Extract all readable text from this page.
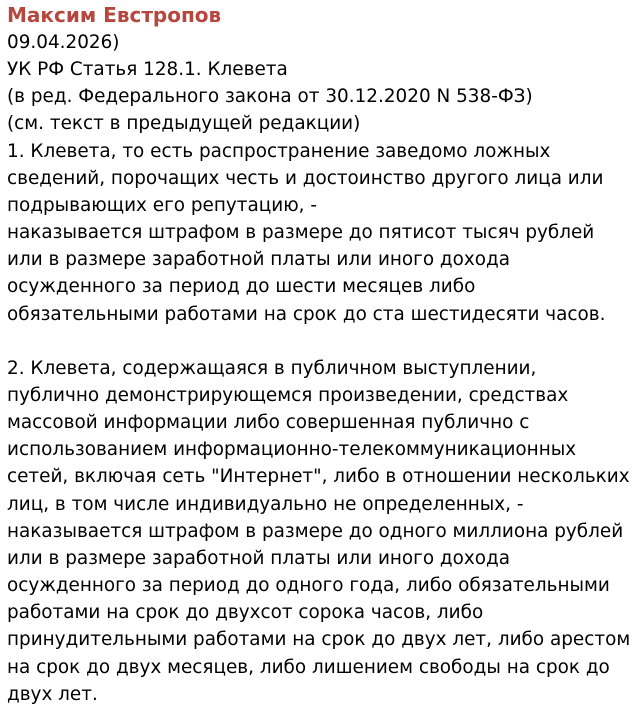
Максим Евстропов
09.04.2026)
УК РФ Статья 128.1. Клевета
(в ред. Федерального закона от 30.12.2020 N 538-ФЗ)
(см. текст в предыдущей редакции)
1. Клевета, то есть распространение заведомо ложных
сведений, порочащих честь и достоинство другого лица или
подрывающих его репутацию, -
наказывается штрафом в размере до пятисот тысяч рублей
или в размере заработной платы или иного дохода
осужденного за период до шести месяцев либо
обязательными работами на срок до ста шестидесяти часов.
2. Клевета, содержащаяся в публичном выступлении,
публично демонстрирующемся произведении, средствах
массовой информации либо совершенная публично с
использованием информационно-телекоммуникационных
сетей, включая сеть "Интернет", либо в отношении нескольких
лиц, в том числе индивидуально не определенных, -
наказывается штрафом в размере до одного миллиона рублей
или в размере заработной платы или иного дохода
осужденного за период до одного года, либо обязательными
работами на срок до двухсот сорока часов, либо
принудительными работами на срок до двух лет, либо арестом
на срок до двух месяцев, либо лишением свободы на срок до
двух лет.
